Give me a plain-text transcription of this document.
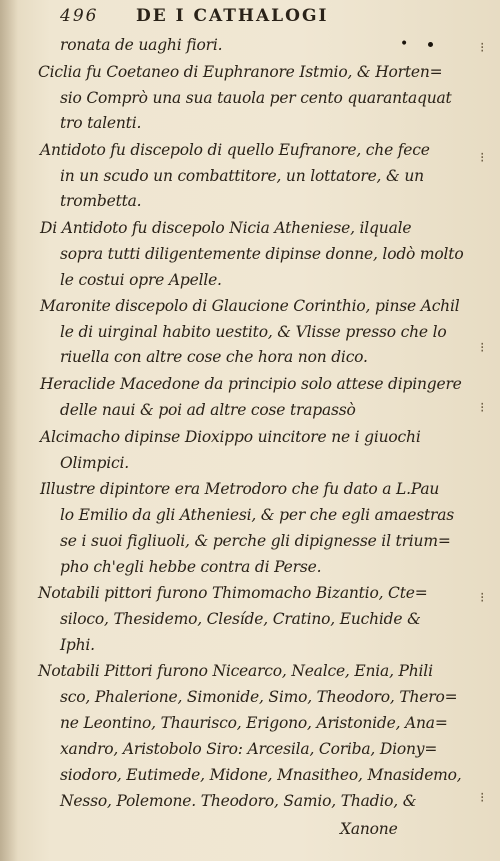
496 DE I CATHALOGI
•
ronata de uaghi fiori.
Ciclia fu Coetaneo di Euphranore Istmio, & Horten=
sio Comprò una sua tauola per cento quarantaquat
tro talenti.
Antidoto fu discepolo di quello Eufranore, che fece
in un scudo un combattitore, un lottatore, & un
trombetta.
Di Antidoto fu discepolo Nicia Atheniese, ilquale
sopra tutti diligentemente dipinse donne, lodò molto
le costui opre Apelle.
Maronite discepolo di Glaucione Corinthio, pinse Achil
le di uirginal habito uestito, & Vlisse presso che lo
riuella con altre cose che hora non dico.
Heraclide Macedone da principio solo attese dipingere
delle naui & poi ad altre cose trapassò
Alcimacho dipinse Dioxippo uincitore ne i giuochi
Olimpici.
Illustre dipintore era Metrodoro che fu dato a L.Pau
lo Emilio da gli Atheniesi, & per che egli amaestras
se i suoi figliuoli, & perche gli dipignesse il trium=
pho ch'egli hebbe contra di Perse.
Notabili pittori furono Thimomacho Bizantio, Cte=
siloco, Thesidemo, Clesíde, Cratino, Euchide &
Iphi.
Notabili Pittori furono Nicearco, Nealce, Enia, Phili
sco, Phalerione, Simonide, Simo, Theodoro, Thero=
ne Leontino, Thaurisco, Erigono, Aristonide, Ana=
xandro, Aristobolo Siro: Arcesila, Coriba, Diony=
siodoro, Eutimede, Midone, Mnasitheo, Mnasidemo,
Nesso, Polemone. Theodoro, Samio, Thadio, &
Xanone
⁝
⁝
⁝
⁝
⁝
⁝
